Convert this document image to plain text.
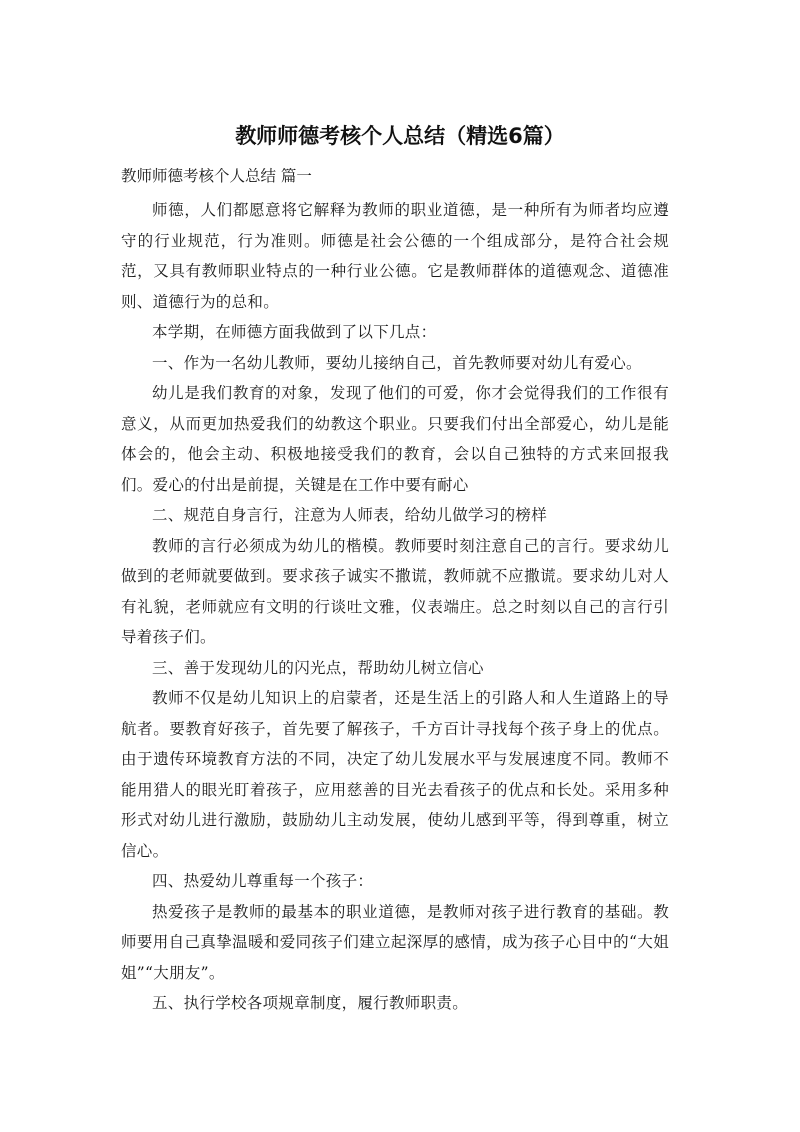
教师师德考核个人总结（精选6篇）

教师师德考核个人总结 篇一

师德，人们都愿意将它解释为教师的职业道德，是一种所有为师者均应遵守的行业规范，行为准则。师德是社会公德的一个组成部分，是符合社会规范，又具有教师职业特点的一种行业公德。它是教师群体的道德观念、道德准则、道德行为的总和。

本学期，在师德方面我做到了以下几点：

一、作为一名幼儿教师，要幼儿接纳自己，首先教师要对幼儿有爱心。

幼儿是我们教育的对象，发现了他们的可爱，你才会觉得我们的工作很有意义，从而更加热爱我们的幼教这个职业。只要我们付出全部爱心，幼儿是能体会的，他会主动、积极地接受我们的教育，会以自己独特的方式来回报我们。爱心的付出是前提，关键是在工作中要有耐心

二、规范自身言行，注意为人师表，给幼儿做学习的榜样

教师的言行必须成为幼儿的楷模。教师要时刻注意自己的言行。要求幼儿做到的老师就要做到。要求孩子诚实不撒谎，教师就不应撒谎。要求幼儿对人有礼貌，老师就应有文明的行谈吐文雅，仪表端庄。总之时刻以自己的言行引导着孩子们。

三、善于发现幼儿的闪光点，帮助幼儿树立信心

教师不仅是幼儿知识上的启蒙者，还是生活上的引路人和人生道路上的导航者。要教育好孩子，首先要了解孩子，千方百计寻找每个孩子身上的优点。由于遗传环境教育方法的不同，决定了幼儿发展水平与发展速度不同。教师不能用猎人的眼光盯着孩子，应用慈善的目光去看孩子的优点和长处。采用多种形式对幼儿进行激励，鼓励幼儿主动发展，使幼儿感到平等，得到尊重，树立信心。

四、热爱幼儿尊重每一个孩子：

热爱孩子是教师的最基本的职业道德，是教师对孩子进行教育的基础。教师要用自己真挚温暖和爱同孩子们建立起深厚的感情，成为孩子心目中的“大姐姐”“大朋友”。

五、执行学校各项规章制度，履行教师职责。
